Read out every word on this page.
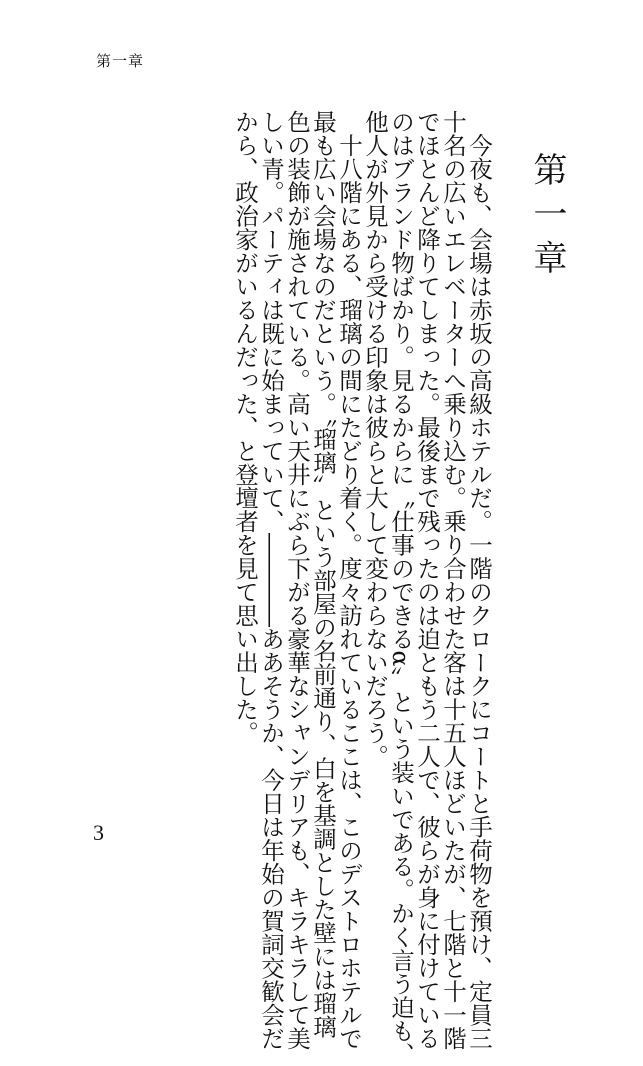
第一章
第一章
　今夜も、会場は赤坂の高級ホテルだ。一階のクロークにコートと手荷物を預け、定員三
十名の広いエレベーターへ乗り込む。乗り合わせた客は十五人ほどいたが、七階と十一階
でほとんど降りてしまった。最後まで残ったのは迫ともう二人で、彼らが身に付けている
のはブランド物ばかり。見るからに〝仕事のできるα〟という装いである。かく言う迫も、
他人が外見から受ける印象は彼らと大して変わらないだろう。
　十八階にある、瑠璃の間にたどり着く。度々訪れているここは、このデストロホテルで
最も広い会場なのだという。〝瑠璃〟という部屋の名前通り、白を基調とした壁には瑠璃
色の装飾が施されている。高い天井にぶら下がる豪華なシャンデリアも、キラキラして美
しい青。パーティは既に始まっていて、――――ああそうか、今日は年始の賀詞交歓会だ
から、政治家がいるんだった、と登壇者を見て思い出した。
3
